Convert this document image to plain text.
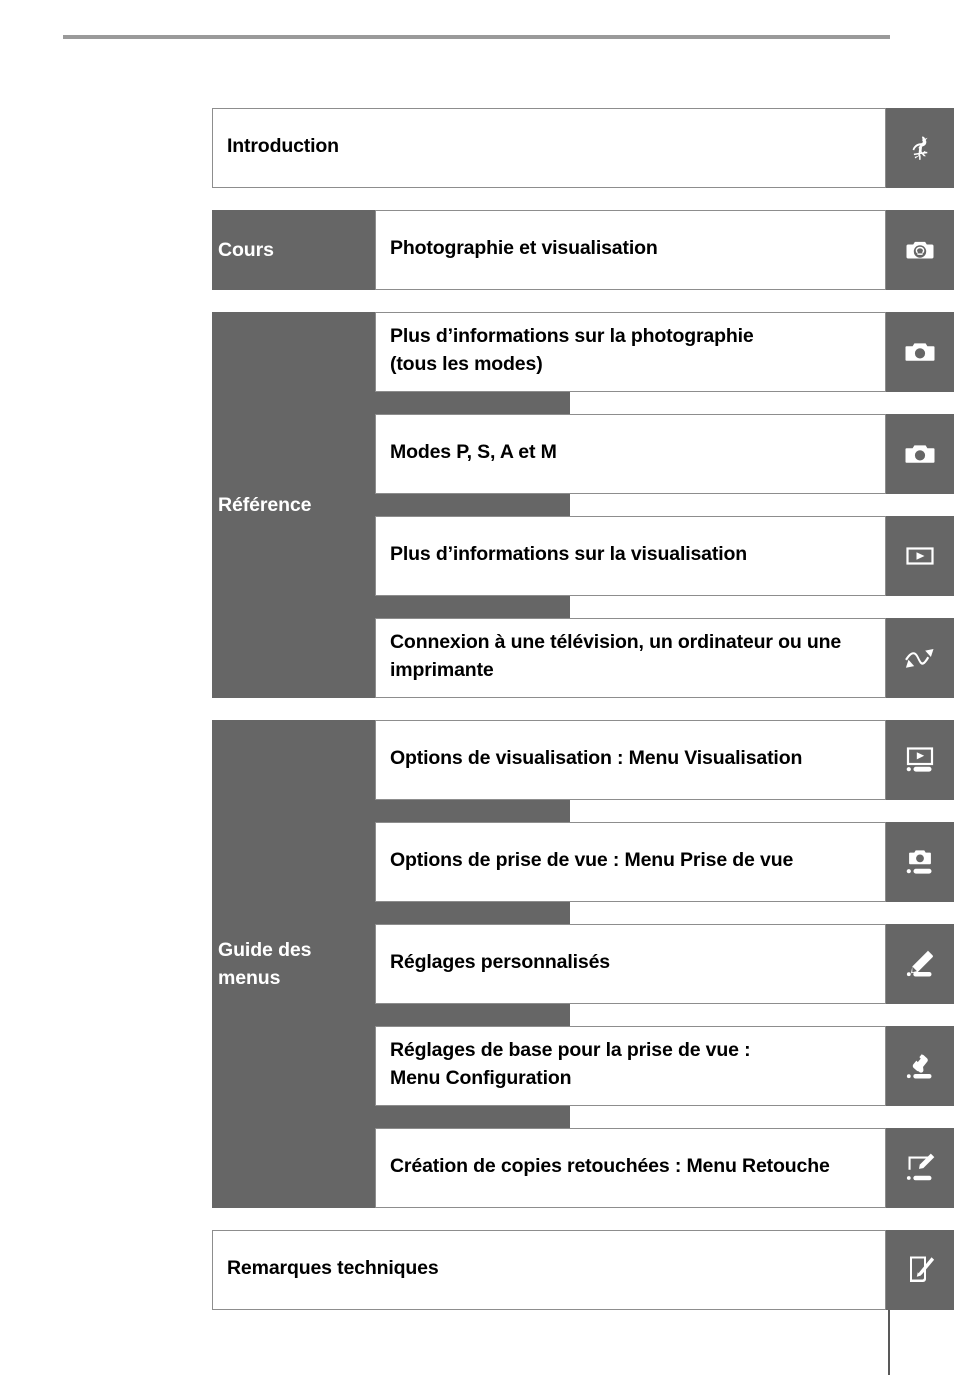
Introduction
Cours	Photographie et visualisation
Référence
Plus d’informations sur la photographie
(tous les modes)
Modes P, S, A et M
Plus d’informations sur la visualisation
Connexion à une télévision, un ordinateur ou une
imprimante
Guide des
menus
Options de visualisation : Menu Visualisation
Options de prise de vue : Menu Prise de vue
Réglages personnalisés
Réglages de base pour la prise de vue :
Menu Configuration
Création de copies retouchées : Menu Retouche
Remarques techniques
